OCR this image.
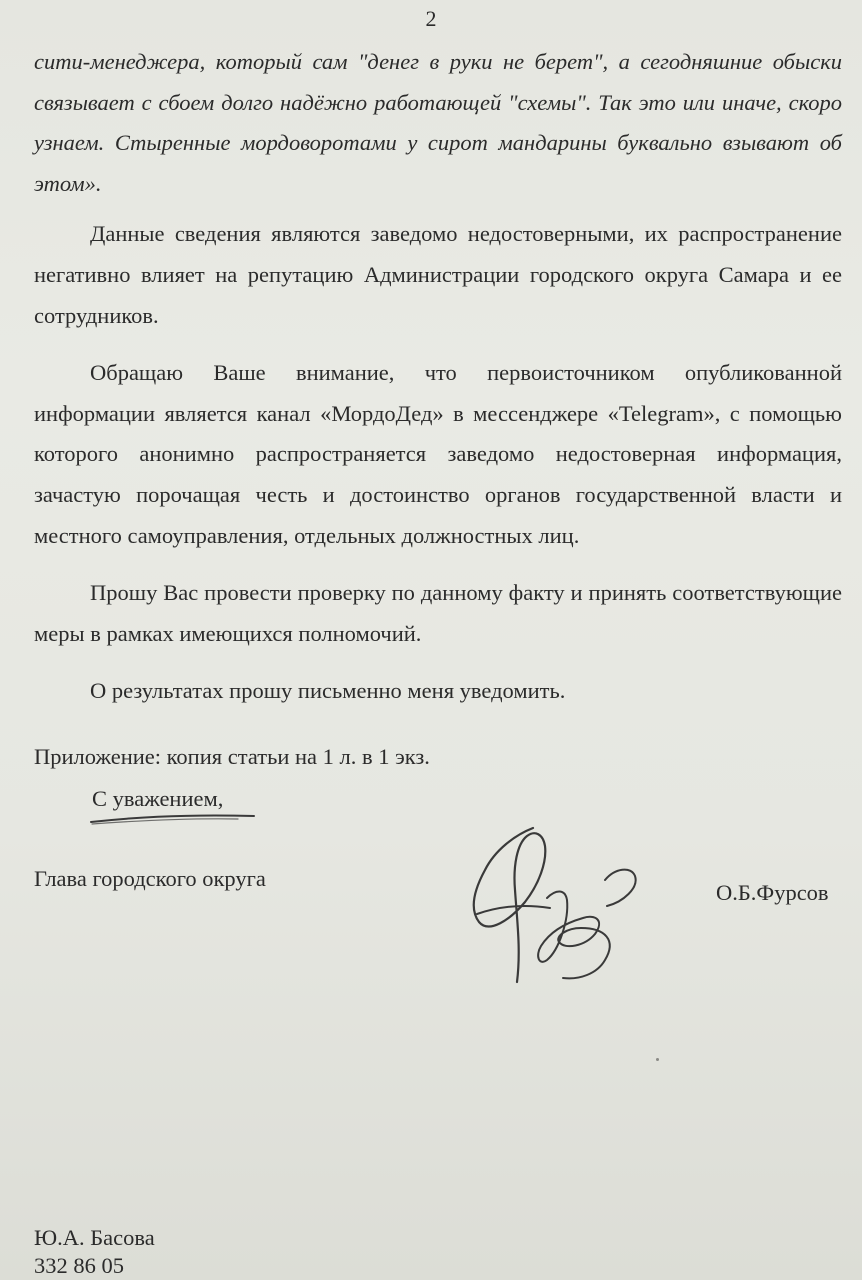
2

сити-менеджера, который сам "денег в руки не берет", а сегодняшние обыски связывает с сбоем долго надёжно работающей "схемы". Так это или иначе, скоро узнаем. Стыренные мордоворотами у сирот мандарины буквально взывают об этом».

Данные сведения являются заведомо недостоверными, их распространение негативно влияет на репутацию Администрации городского округа Самара и ее сотрудников.

Обращаю Ваше внимание, что первоисточником опубликованной информации является канал «МордоДед» в мессенджере «Telegram», с помощью которого анонимно распространяется заведомо недостоверная информация, зачастую порочащая честь и достоинство органов государственной власти и местного самоуправления, отдельных должностных лиц.

Прошу Вас провести проверку по данному факту и принять соответствующие меры в рамках имеющихся полномочий.

О результатах прошу письменно меня уведомить.

Приложение: копия статьи на 1 л. в 1 экз.
С уважением,
Глава городского округа
О.Б.Фурсов
Ю.А. Басова
332 86 05
